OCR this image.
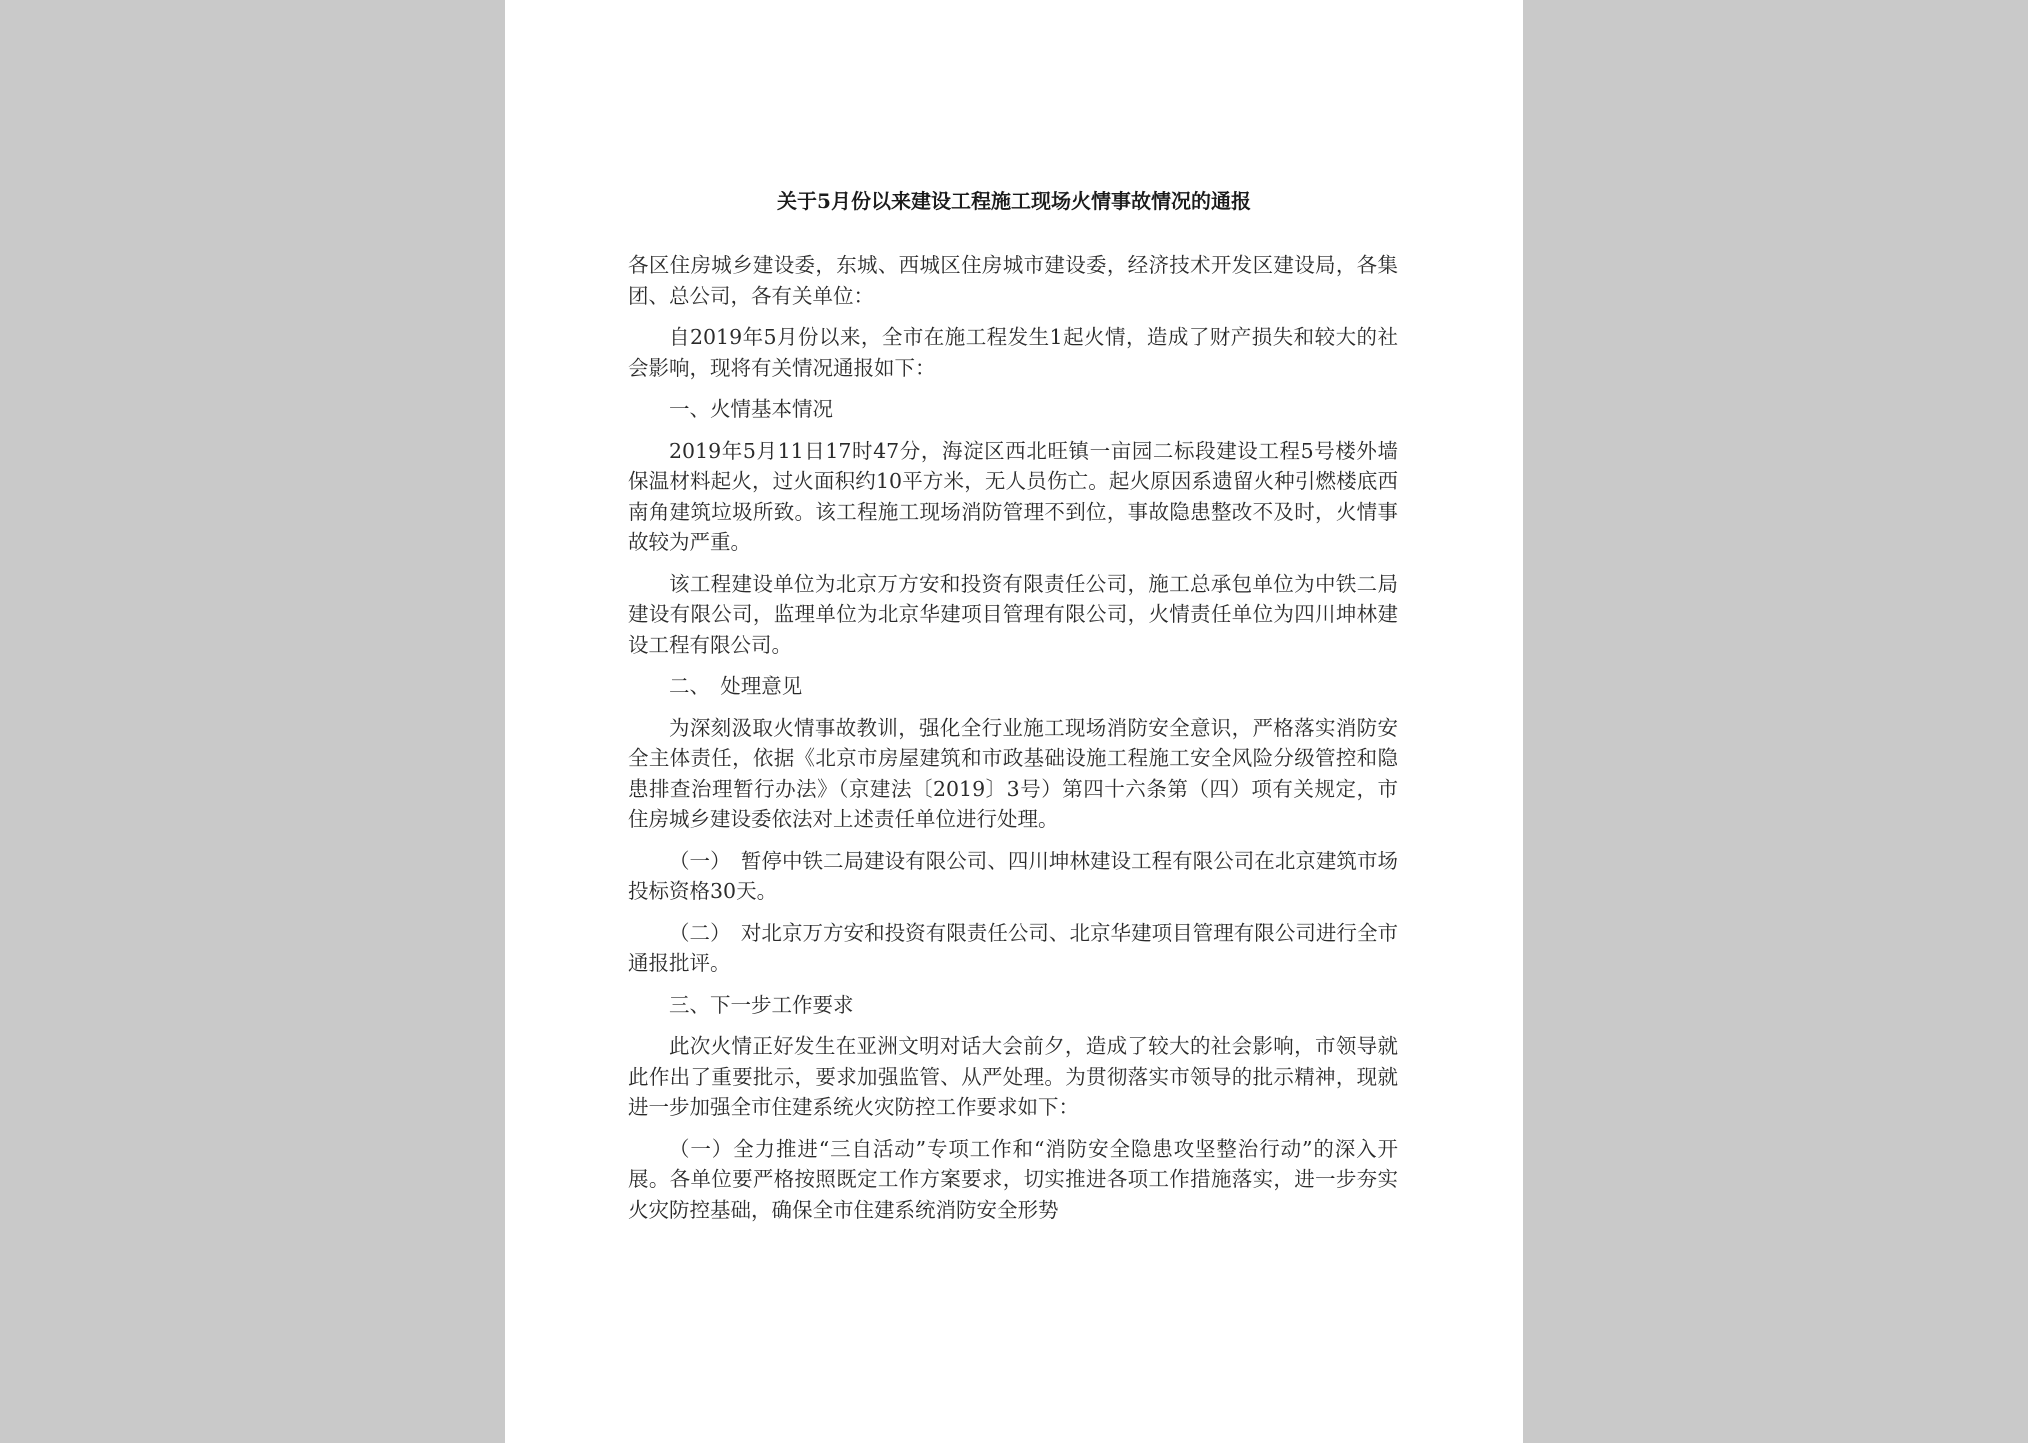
关于5月份以来建设工程施工现场火情事故情况的通报

各区住房城乡建设委，东城、西城区住房城市建设委，经济技术开发区建设局，各集团、总公司，各有关单位：

自2019年5月份以来，全市在施工程发生1起火情，造成了财产损失和较大的社会影响，现将有关情况通报如下：

一、火情基本情况

2019年5月11日17时47分，海淀区西北旺镇一亩园二标段建设工程5号楼外墙保温材料起火，过火面积约10平方米，无人员伤亡。起火原因系遗留火种引燃楼底西南角建筑垃圾所致。该工程施工现场消防管理不到位，事故隐患整改不及时，火情事故较为严重。

该工程建设单位为北京万方安和投资有限责任公司，施工总承包单位为中铁二局建设有限公司，监理单位为北京华建项目管理有限公司，火情责任单位为四川坤林建设工程有限公司。

二、　处理意见

为深刻汲取火情事故教训，强化全行业施工现场消防安全意识，严格落实消防安全主体责任，依据《北京市房屋建筑和市政基础设施工程施工安全风险分级管控和隐患排查治理暂行办法》（京建法〔2019〕3号）第四十六条第（四）项有关规定，市住房城乡建设委依法对上述责任单位进行处理。

（一）　暂停中铁二局建设有限公司、四川坤林建设工程有限公司在北京建筑市场投标资格30天。

（二）　对北京万方安和投资有限责任公司、北京华建项目管理有限公司进行全市通报批评。

三、下一步工作要求

此次火情正好发生在亚洲文明对话大会前夕，造成了较大的社会影响，市领导就此作出了重要批示，要求加强监管、从严处理。为贯彻落实市领导的批示精神，现就进一步加强全市住建系统火灾防控工作要求如下：

（一）全力推进“三自活动”专项工作和“消防安全隐患攻坚整治行动”的深入开展。各单位要严格按照既定工作方案要求，切实推进各项工作措施落实，进一步夯实火灾防控基础，确保全市住建系统消防安全形势
